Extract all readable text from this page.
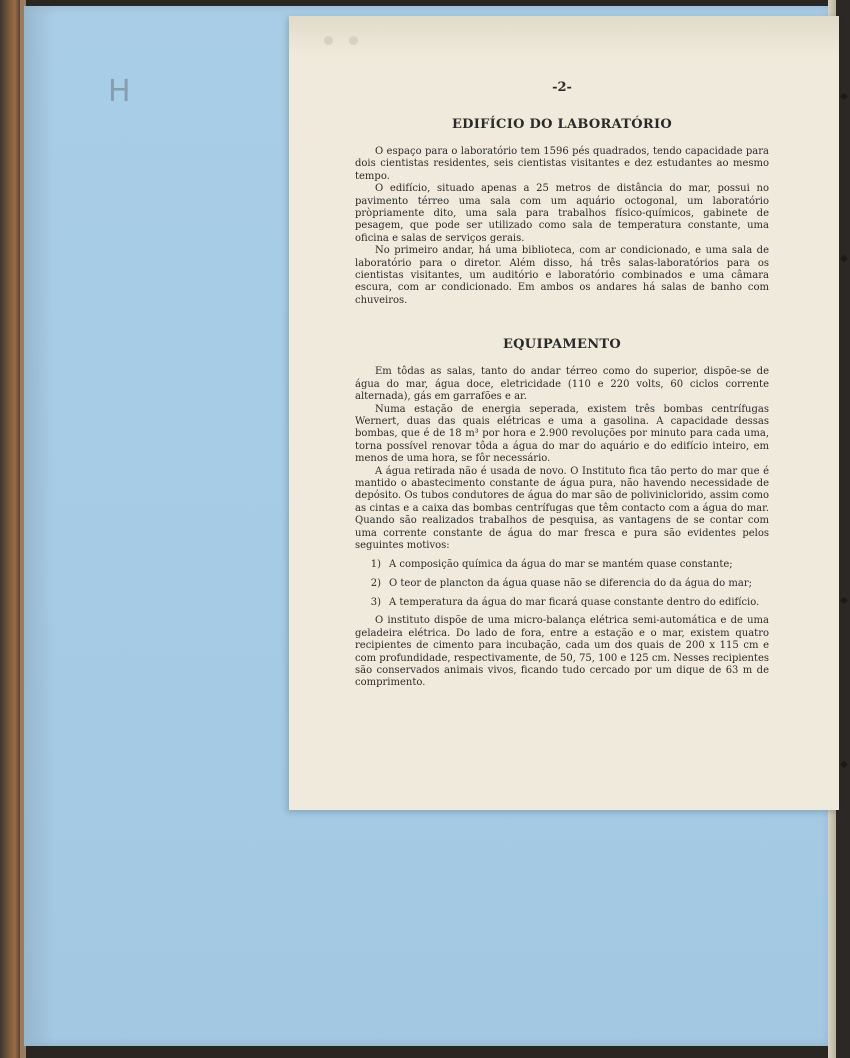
H	-2-
EDIFÍCIO DO LABORATÓRIO

O espaço para o laboratório tem 1596 pés quadrados, tendo capacidade para dois cientistas residentes, seis cientistas visitantes e dez estudantes ao mesmo tempo.

O edifício, situado apenas a 25 metros de distância do mar, possui no pavimento térreo uma sala com um aquário octogonal, um laboratório pròpriamente dito, uma sala para trabalhos físico-químicos, gabinete de pesagem, que pode ser utilizado como sala de temperatura constante, uma oficina e salas de serviços gerais.

No primeiro andar, há uma biblioteca, com ar condicionado, e uma sala de laboratório para o diretor. Além disso, há três salas-laboratórios para os cientistas visitantes, um auditório e laboratório combinados e uma câmara escura, com ar condicionado. Em ambos os andares há salas de banho com chuveiros.

EQUIPAMENTO

Em tôdas as salas, tanto do andar térreo como do superior, dispõe-se de água do mar, água doce, eletricidade (110 e 220 volts, 60 ciclos corrente alternada), gás em garrafões e ar.

Numa estação de energia seperada, existem três bombas centrífugas Wernert, duas das quais elétricas e uma a gasolina. A capacidade dessas bombas, que é de 18 m³ por hora e 2.900 revoluções por minuto para cada uma, torna possível renovar tôda a água do mar do aquário e do edifício inteiro, em menos de uma hora, se fôr necessário.

A água retirada não é usada de novo. O Instituto fica tão perto do mar que é mantido o abastecimento constante de água pura, não havendo necessidade de depósito. Os tubos condutores de água do mar são de poliviniclorido, assim como as cintas e a caixa das bombas centrífugas que têm contacto com a água do mar. Quando são realizados trabalhos de pesquisa, as vantagens de se contar com uma corrente constante de água do mar fresca e pura são evidentes pelos seguintes motivos:

1) A composição química da água do mar se mantém quase constante;
2) O teor de plancton da água quase não se diferencia do da água do mar;
3) A temperatura da água do mar ficará quase constante dentro do edifício.

O instituto dispõe de uma micro-balança elétrica semi-automática e de uma geladeira elétrica. Do lado de fora, entre a estação e o mar, existem quatro recipientes de cimento para incubação, cada um dos quais de 200 x 115 cm e com profundidade, respectivamente, de 50, 75, 100 e 125 cm. Nesses recipientes são conservados animais vivos, ficando tudo cercado por um dique de 63 m de comprimento.

◆
◆
◆
◆
